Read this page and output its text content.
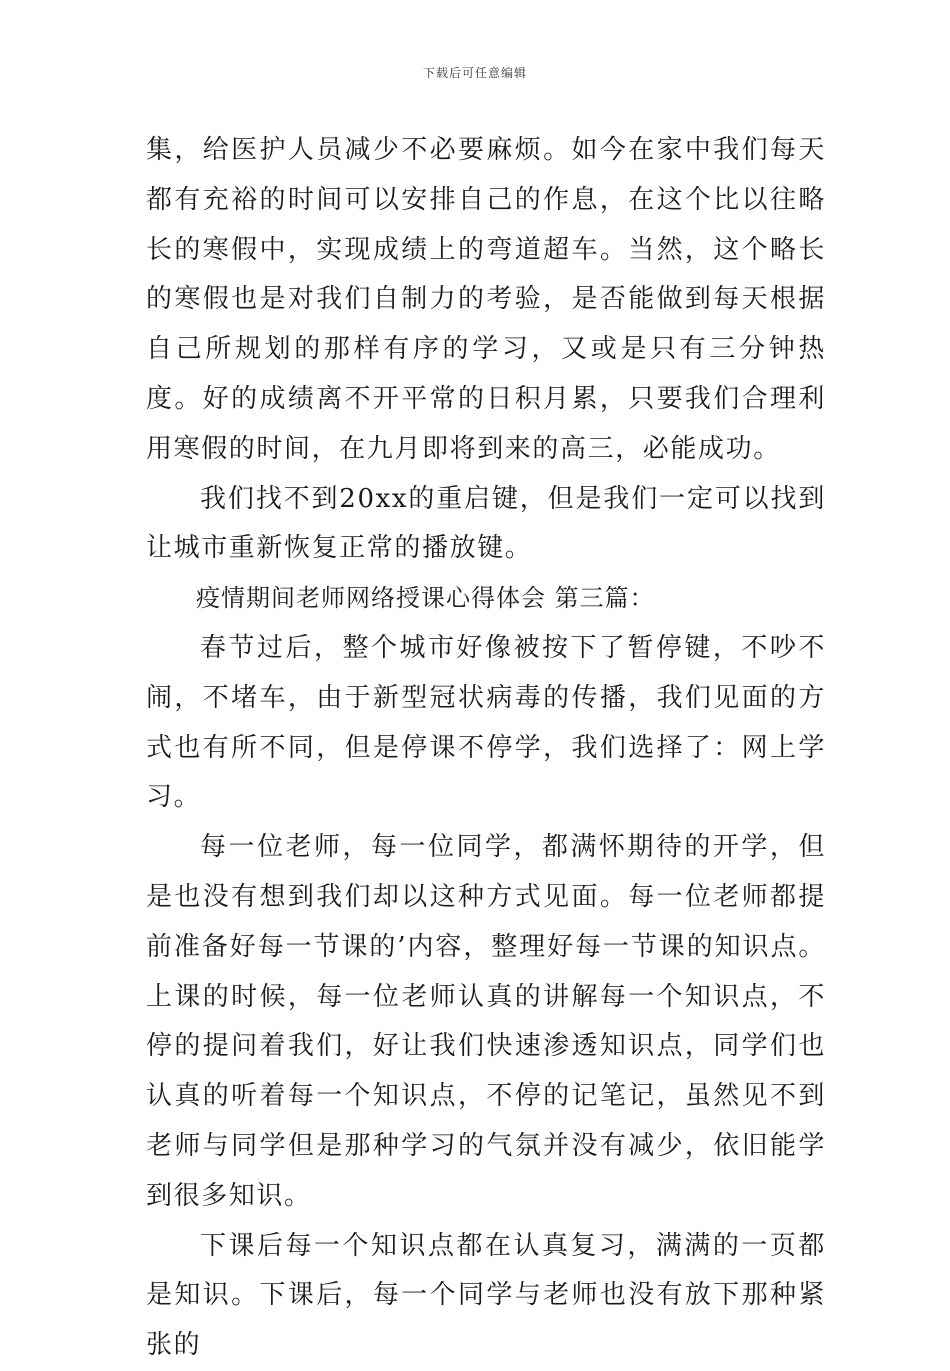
下载后可任意编辑

集，给医护人员减少不必要麻烦。如今在家中我们每天都有充裕的时间可以安排自己的作息，在这个比以往略长的寒假中，实现成绩上的弯道超车。当然，这个略长的寒假也是对我们自制力的考验，是否能做到每天根据自己所规划的那样有序的学习，又或是只有三分钟热度。好的成绩离不开平常的日积月累，只要我们合理利用寒假的时间，在九月即将到来的高三，必能成功。

我们找不到20xx的重启键，但是我们一定可以找到让城市重新恢复正常的播放键。

疫情期间老师网络授课心得体会 第三篇：

春节过后，整个城市好像被按下了暂停键，不吵不闹，不堵车，由于新型冠状病毒的传播，我们见面的方式也有所不同，但是停课不停学，我们选择了：网上学习。

每一位老师，每一位同学，都满怀期待的开学，但是也没有想到我们却以这种方式见面。每一位老师都提前准备好每一节课的’内容，整理好每一节课的知识点。上课的时候，每一位老师认真的讲解每一个知识点，不停的提问着我们，好让我们快速渗透知识点，同学们也认真的听着每一个知识点，不停的记笔记，虽然见不到老师与同学但是那种学习的气氛并没有减少，依旧能学到很多知识。

下课后每一个知识点都在认真复习，满满的一页都是知识。下课后，每一个同学与老师也没有放下那种紧张的
